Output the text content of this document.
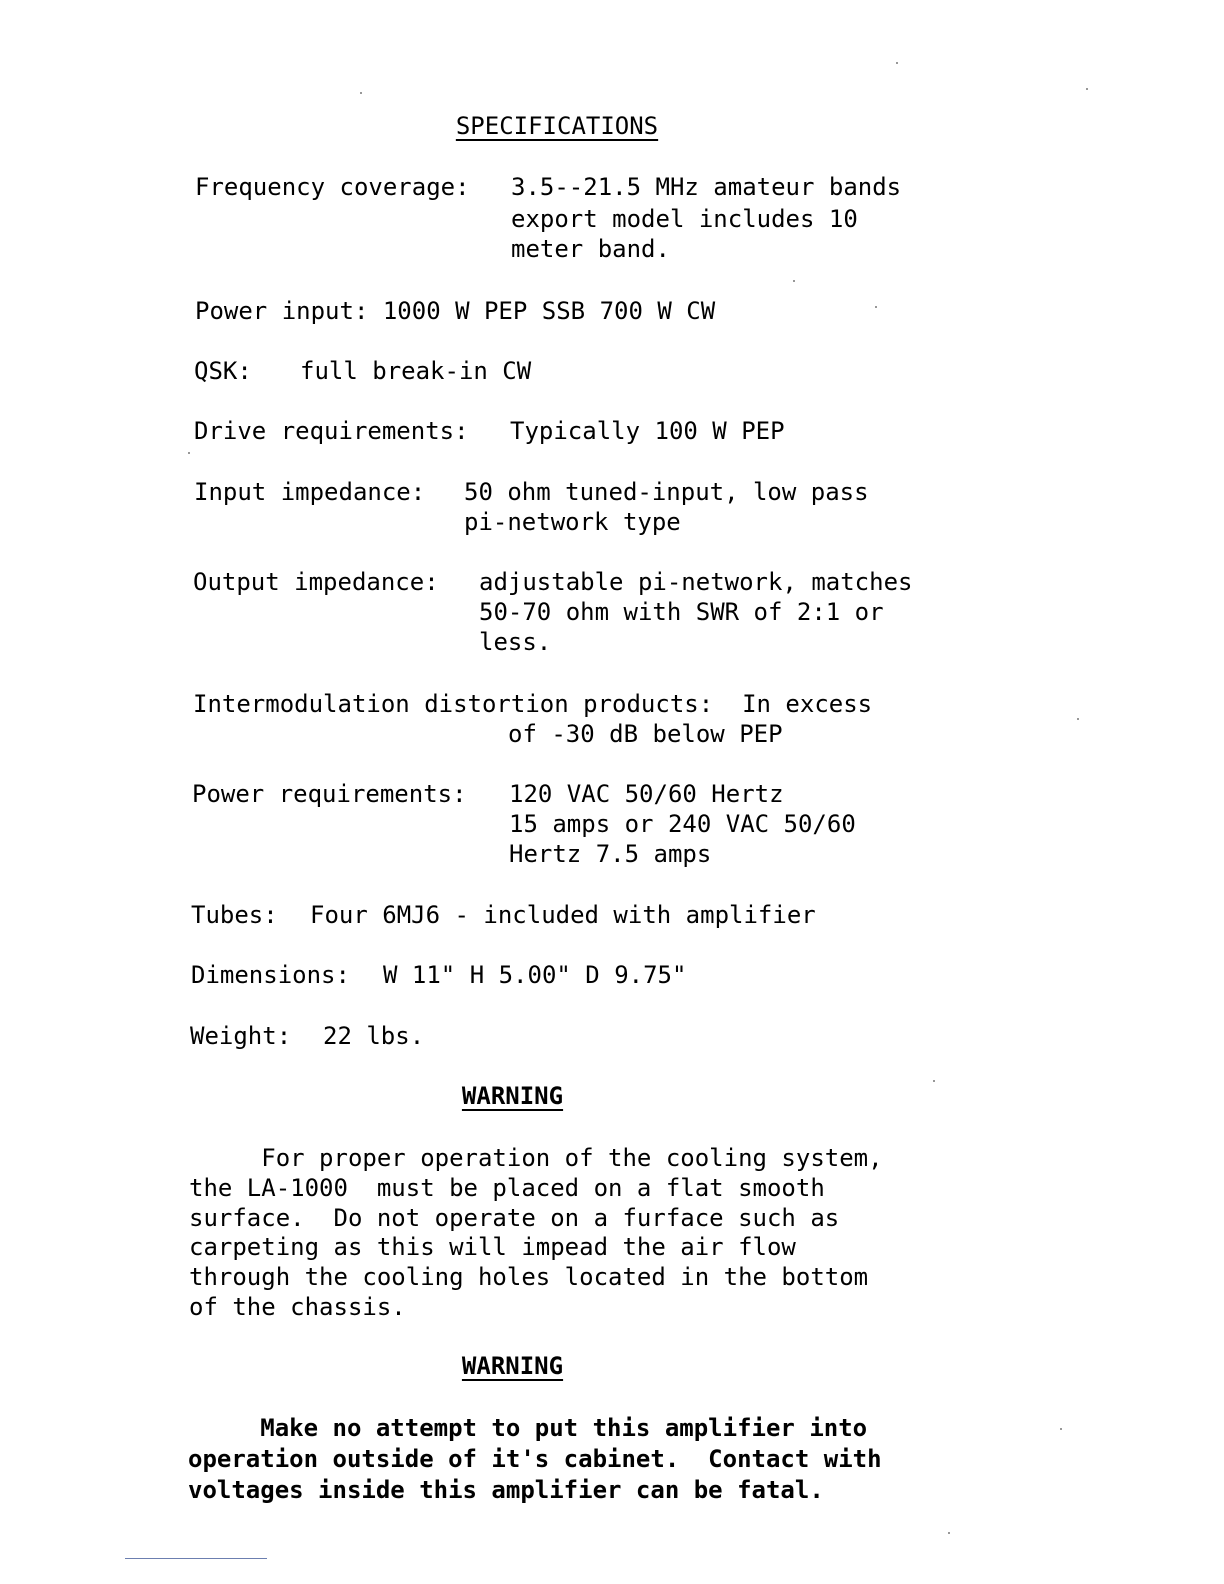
SPECIFICATIONS
Frequency coverage: 3.5--21.5 MHz amateur bands
export model includes 10
meter band.
Power input: 1000 W PEP SSB 700 W CW
QSK: full break-in CW
Drive requirements: Typically 100 W PEP
Input impedance: 50 ohm tuned-input, low pass
pi-network type
Output impedance: adjustable pi-network, matches
50-70 ohm with SWR of 2:1 or
less.
Intermodulation distortion products:  In excess
of -30 dB below PEP
Power requirements: 120 VAC 50/60 Hertz
15 amps or 240 VAC 50/60
Hertz 7.5 amps
Tubes: Four 6MJ6 - included with amplifier
Dimensions: W 11" H 5.00" D 9.75"
Weight: 22 lbs.
WARNING
For proper operation of the cooling system,
the LA-1000  must be placed on a flat smooth
surface.  Do not operate on a furface such as
carpeting as this will impead the air flow
through the cooling holes located in the bottom
of the chassis.
WARNING
Make no attempt to put this amplifier into
operation outside of it's cabinet.  Contact with
voltages inside this amplifier can be fatal.
